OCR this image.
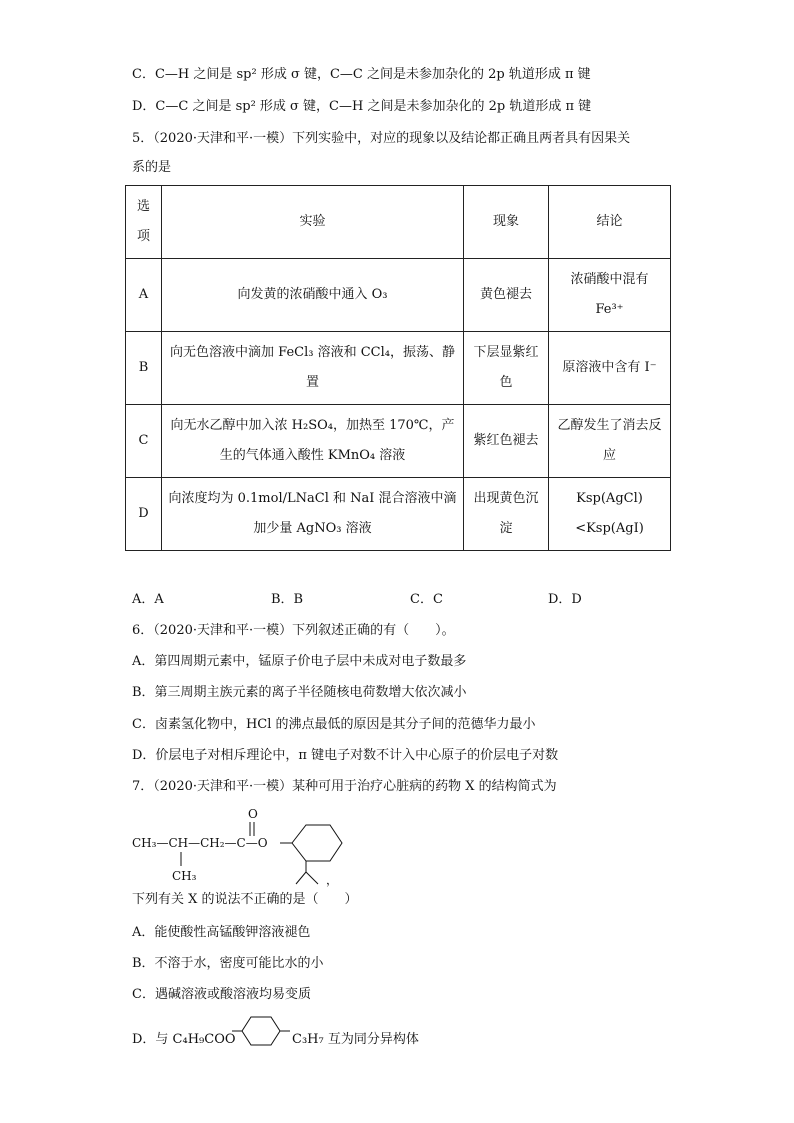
C．C—H 之间是 sp² 形成 σ 键，C—C 之间是未参加杂化的 2p 轨道形成 π 键
D．C—C 之间是 sp² 形成 σ 键，C—H 之间是未参加杂化的 2p 轨道形成 π 键
5．（2020·天津和平·一模）下列实验中，对应的现象以及结论都正确且两者具有因果关
系的是
选项	实验	现象	结论
A	向发黄的浓硝酸中通入 O₃	黄色褪去	浓硝酸中混有 Fe³⁺
B	向无色溶液中滴加 FeCl₃ 溶液和 CCl₄，振荡、静置	下层显紫红色	原溶液中含有 I⁻
C	向无水乙醇中加入浓 H₂SO₄，加热至 170℃，产生的气体通入酸性 KMnO₄ 溶液	紫红色褪去	乙醇发生了消去反应
D	向浓度均为 0.1mol/LNaCl 和 NaI 混合溶液中滴加少量 AgNO₃ 溶液	出现黄色沉淀	Ksp(AgCl)<Ksp(AgI)
A．A	B．B	C．C	D．D
6．（2020·天津和平·一模）下列叙述正确的有（　　）。
A．第四周期元素中，锰原子价电子层中未成对电子数最多
B．第三周期主族元素的离子半径随核电荷数增大依次减小
C．卤素氢化物中，HCl 的沸点最低的原因是其分子间的范德华力最小
D．价层电子对相斥理论中，π 键电子对数不计入中心原子的价层电子对数
7．（2020·天津和平·一模）某种可用于治疗心脏病的药物 X 的结构简式为
O
CH₃—CH—CH₂—C—O
CH₃	，
下列有关 X 的说法不正确的是（　　）
A．能使酸性高锰酸钾溶液褪色
B．不溶于水，密度可能比水的小
C．遇碱溶液或酸溶液均易变质
D．与 C₄H₉COO	C₃H₇ 互为同分异构体
